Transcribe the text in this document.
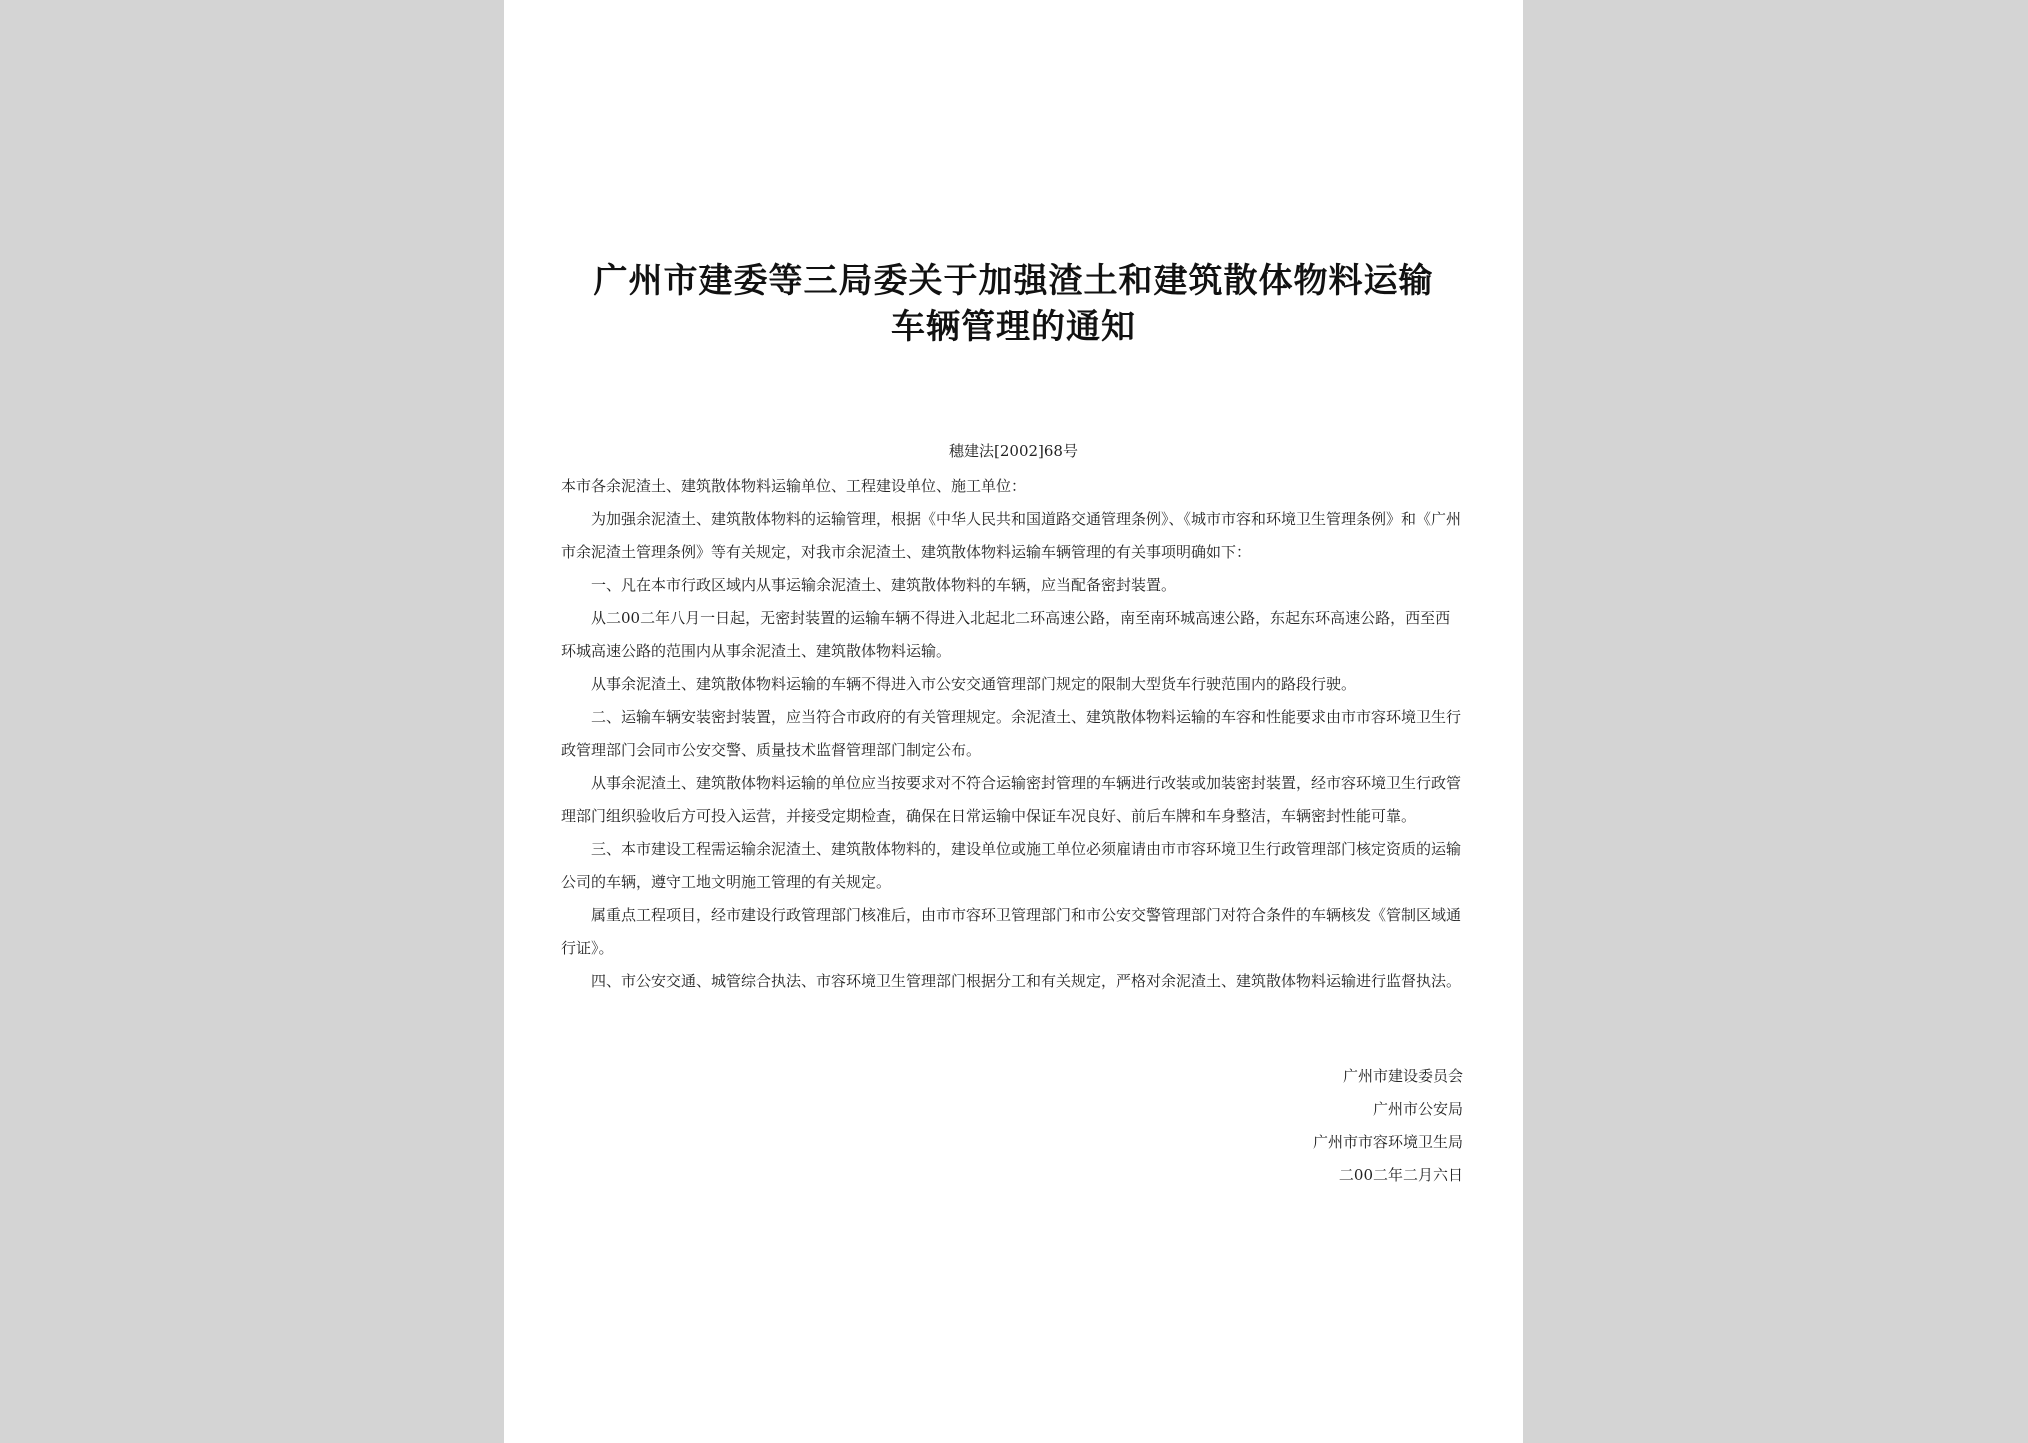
广州市建委等三局委关于加强渣土和建筑散体物料运输
车辆管理的通知
穗建法[2002]68号

本市各余泥渣土、建筑散体物料运输单位、工程建设单位、施工单位：

为加强余泥渣土、建筑散体物料的运输管理，根据《中华人民共和国道路交通管理条例》、《城市市容和环境卫生管理条例》和《广州市余泥渣土管理条例》等有关规定，对我市余泥渣土、建筑散体物料运输车辆管理的有关事项明确如下：

一、凡在本市行政区域内从事运输余泥渣土、建筑散体物料的车辆，应当配备密封装置。

从二00二年八月一日起，无密封装置的运输车辆不得进入北起北二环高速公路，南至南环城高速公路，东起东环高速公路，西至西环城高速公路的范围内从事余泥渣土、建筑散体物料运输。

从事余泥渣土、建筑散体物料运输的车辆不得进入市公安交通管理部门规定的限制大型货车行驶范围内的路段行驶。

二、运输车辆安装密封装置，应当符合市政府的有关管理规定。余泥渣土、建筑散体物料运输的车容和性能要求由市市容环境卫生行政管理部门会同市公安交警、质量技术监督管理部门制定公布。

从事余泥渣土、建筑散体物料运输的单位应当按要求对不符合运输密封管理的车辆进行改装或加装密封装置，经市容环境卫生行政管理部门组织验收后方可投入运营，并接受定期检查，确保在日常运输中保证车况良好、前后车牌和车身整洁，车辆密封性能可靠。

三、本市建设工程需运输余泥渣土、建筑散体物料的，建设单位或施工单位必须雇请由市市容环境卫生行政管理部门核定资质的运输公司的车辆，遵守工地文明施工管理的有关规定。

属重点工程项目，经市建设行政管理部门核准后，由市市容环卫管理部门和市公安交警管理部门对符合条件的车辆核发《管制区域通行证》。

四、市公安交通、城管综合执法、市容环境卫生管理部门根据分工和有关规定，严格对余泥渣土、建筑散体物料运输进行监督执法。

广州市建设委员会
广州市公安局
广州市市容环境卫生局
二00二年二月六日
